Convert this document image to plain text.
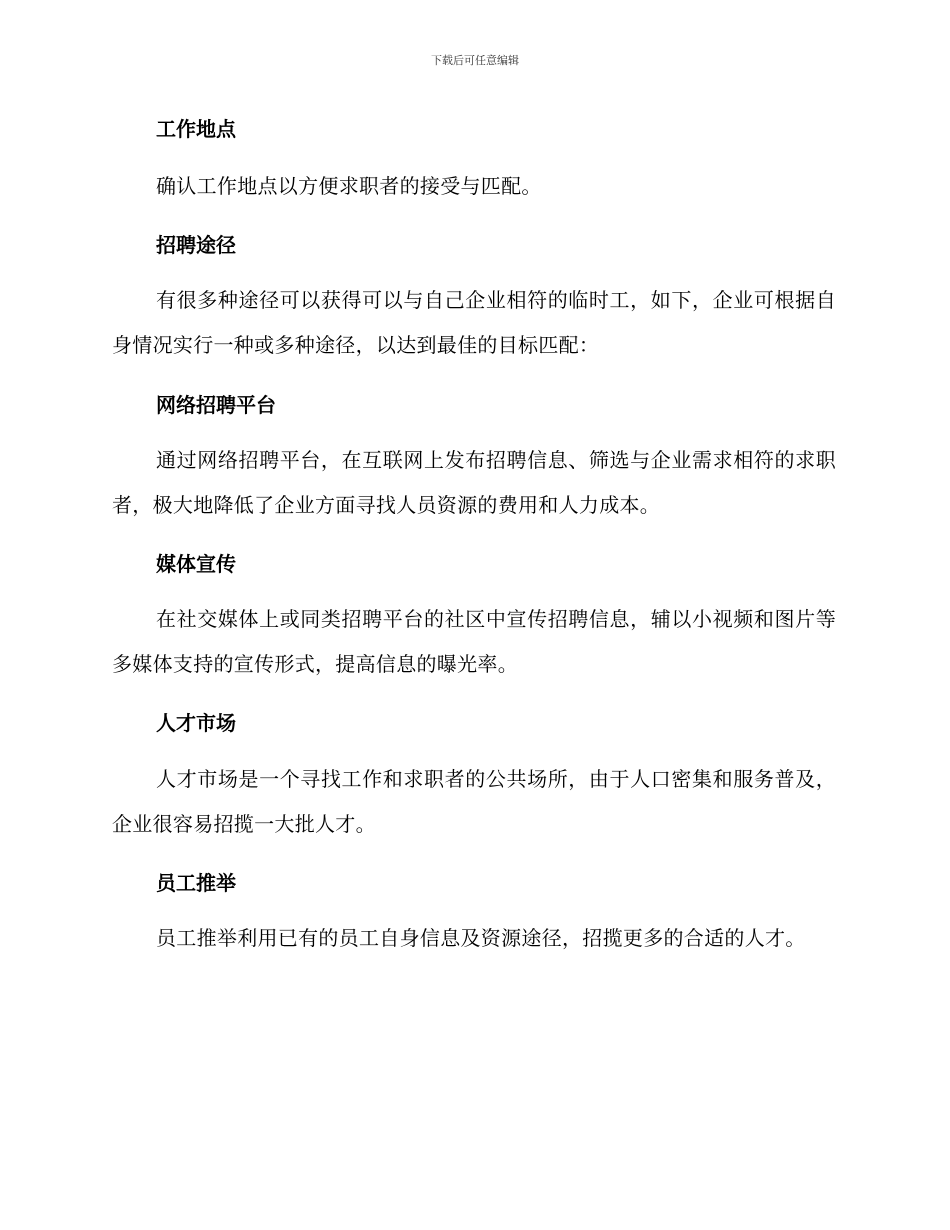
下载后可任意编辑
工作地点
确认工作地点以方便求职者的接受与匹配。
招聘途径
有很多种途径可以获得可以与自己企业相符的临时工，如下，企业可根据自身情况实行一种或多种途径，以达到最佳的目标匹配：
网络招聘平台
通过网络招聘平台，在互联网上发布招聘信息、筛选与企业需求相符的求职者，极大地降低了企业方面寻找人员资源的费用和人力成本。
媒体宣传
在社交媒体上或同类招聘平台的社区中宣传招聘信息，辅以小视频和图片等多媒体支持的宣传形式，提高信息的曝光率。
人才市场
人才市场是一个寻找工作和求职者的公共场所，由于人口密集和服务普及，企业很容易招揽一大批人才。
员工推举
员工推举利用已有的员工自身信息及资源途径，招揽更多的合适的人才。
